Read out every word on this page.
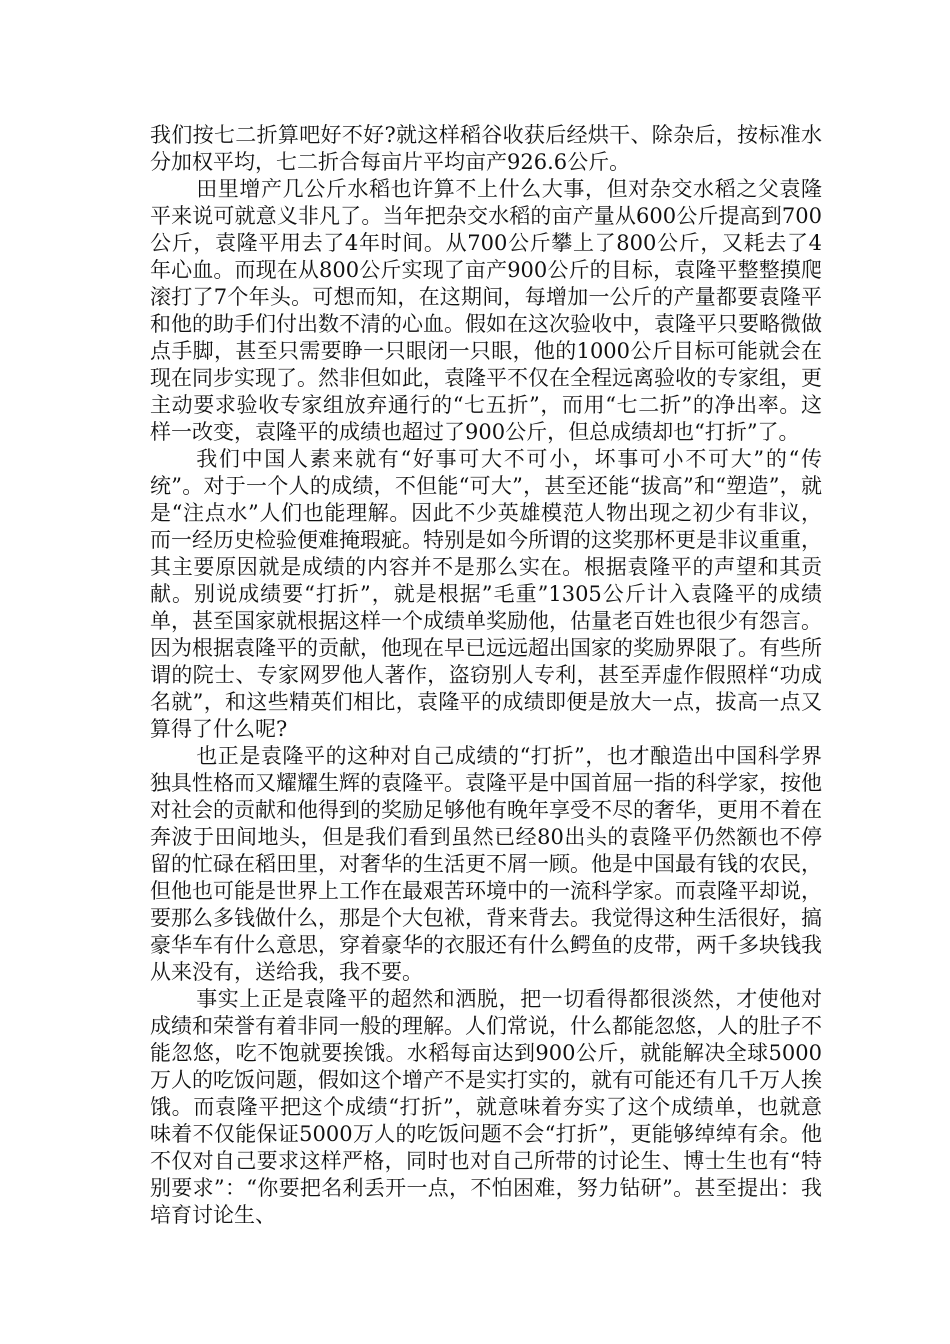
我们按七二折算吧好不好?就这样稻谷收获后经烘干、除杂后，按标准水分加权平均，七二折合每亩片平均亩产926.6公斤。

田里增产几公斤水稻也许算不上什么大事，但对杂交水稻之父袁隆平来说可就意义非凡了。当年把杂交水稻的亩产量从600公斤提高到700公斤，袁隆平用去了4年时间。从700公斤攀上了800公斤，又耗去了4年心血。而现在从800公斤实现了亩产900公斤的目标，袁隆平整整摸爬滚打了7个年头。可想而知，在这期间，每增加一公斤的产量都要袁隆平和他的助手们付出数不清的心血。假如在这次验收中，袁隆平只要略微做点手脚，甚至只需要睁一只眼闭一只眼，他的1000公斤目标可能就会在现在同步实现了。然非但如此，袁隆平不仅在全程远离验收的专家组，更主动要求验收专家组放弃通行的“七五折”，而用“七二折”的净出率。这样一改变，袁隆平的成绩也超过了900公斤，但总成绩却也“打折”了。

我们中国人素来就有“好事可大不可小，坏事可小不可大”的“传统”。对于一个人的成绩，不但能“可大”，甚至还能“拔高”和“塑造”，就是“注点水”人们也能理解。因此不少英雄模范人物出现之初少有非议，而一经历史检验便难掩瑕疵。特别是如今所谓的这奖那杯更是非议重重，其主要原因就是成绩的内容并不是那么实在。根据袁隆平的声望和其贡献。别说成绩要“打折”，就是根据”毛重”1305公斤计入袁隆平的成绩单，甚至国家就根据这样一个成绩单奖励他，估量老百姓也很少有怨言。因为根据袁隆平的贡献，他现在早已远远超出国家的奖励界限了。有些所谓的院士、专家网罗他人著作，盗窃别人专利，甚至弄虚作假照样“功成名就”，和这些精英们相比，袁隆平的成绩即便是放大一点，拔高一点又算得了什么呢?

也正是袁隆平的这种对自己成绩的“打折”，也才酿造出中国科学界独具性格而又耀耀生辉的袁隆平。袁隆平是中国首屈一指的科学家，按他对社会的贡献和他得到的奖励足够他有晚年享受不尽的奢华，更用不着在奔波于田间地头，但是我们看到虽然已经80出头的袁隆平仍然额也不停留的忙碌在稻田里，对奢华的生活更不屑一顾。他是中国最有钱的农民，但他也可能是世界上工作在最艰苦环境中的一流科学家。而袁隆平却说，要那么多钱做什么，那是个大包袱，背来背去。我觉得这种生活很好，搞豪华车有什么意思，穿着豪华的衣服还有什么鳄鱼的皮带，两千多块钱我从来没有，送给我，我不要。

事实上正是袁隆平的超然和洒脱，把一切看得都很淡然，才使他对成绩和荣誉有着非同一般的理解。人们常说，什么都能忽悠，人的肚子不能忽悠，吃不饱就要挨饿。水稻每亩达到900公斤，就能解决全球5000万人的吃饭问题，假如这个增产不是实打实的，就有可能还有几千万人挨饿。而袁隆平把这个成绩“打折”，就意味着夯实了这个成绩单，也就意味着不仅能保证5000万人的吃饭问题不会“打折”，更能够绰绰有余。他不仅对自己要求这样严格，同时也对自己所带的讨论生、博士生也有“特别要求”：“你要把名利丢开一点，不怕困难，努力钻研”。甚至提出：我培育讨论生、
